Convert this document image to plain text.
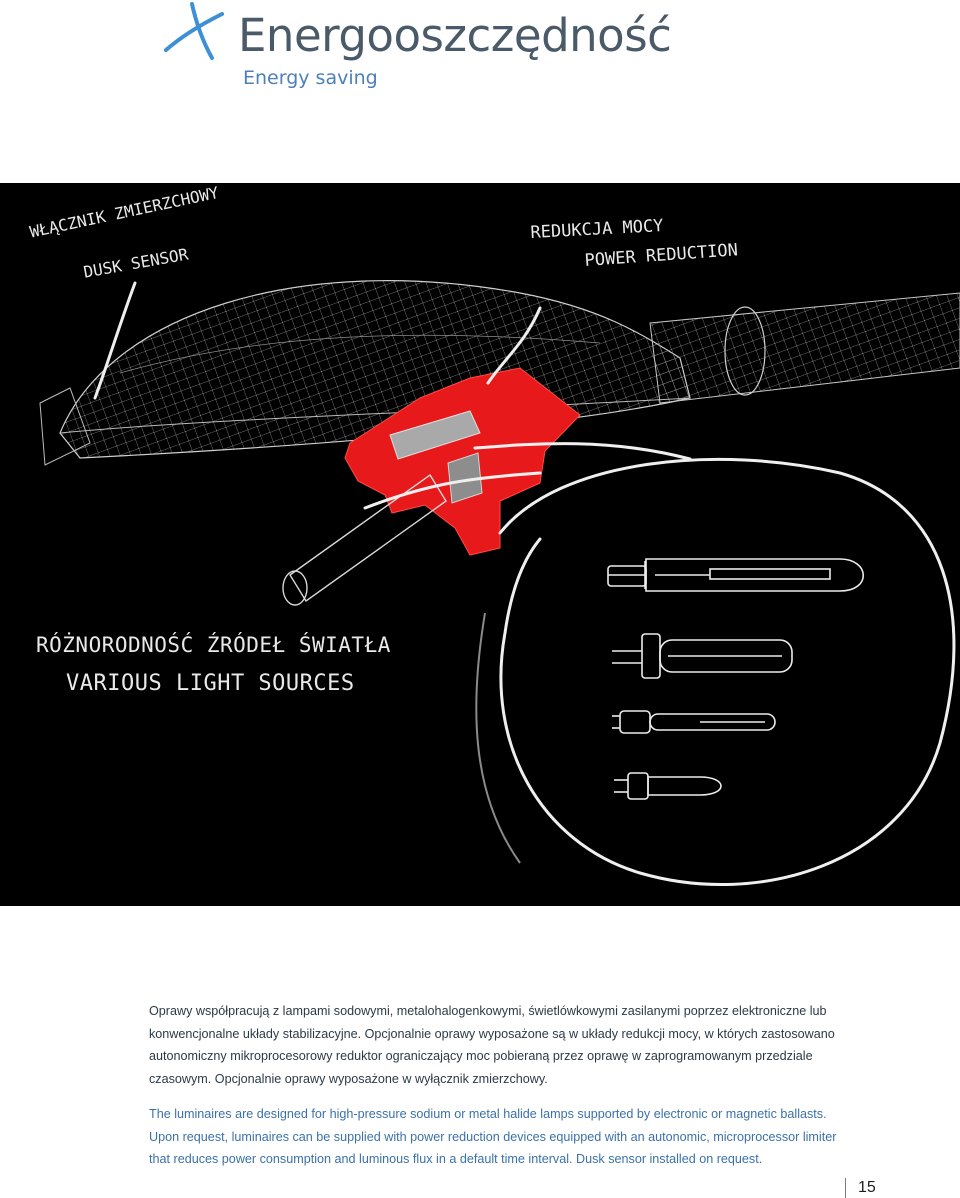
Energooszczędność
Energy saving

WŁĄCZNIK ZMIERZCHOWY

DUSK SENSOR

REDUKCJA MOCY

POWER REDUCTION

RÓŻNORODNOŚĆ ŹRÓDEŁ ŚWIATŁA

VARIOUS LIGHT SOURCES

Oprawy współpracują z lampami sodowymi, metalohalogenkowymi, świetlówkowymi zasilanymi poprzez elektroniczne lub konwencjonalne układy stabilizacyjne. Opcjonalnie oprawy wyposażone są w układy redukcji mocy, w których zastosowano autonomiczny mikroprocesorowy reduktor ograniczający moc pobieraną przez oprawę w zaprogramowanym przedziale czasowym. Opcjonalnie oprawy wyposażone w wyłącznik zmierzchowy.

The luminaires are designed for high-pressure sodium or metal halide lamps supported by electronic or magnetic ballasts. Upon request, luminaires can be supplied with power reduction devices equipped with an autonomic, microprocessor limiter that reduces power consumption and luminous flux in a default time interval. Dusk sensor installed on request.

15
